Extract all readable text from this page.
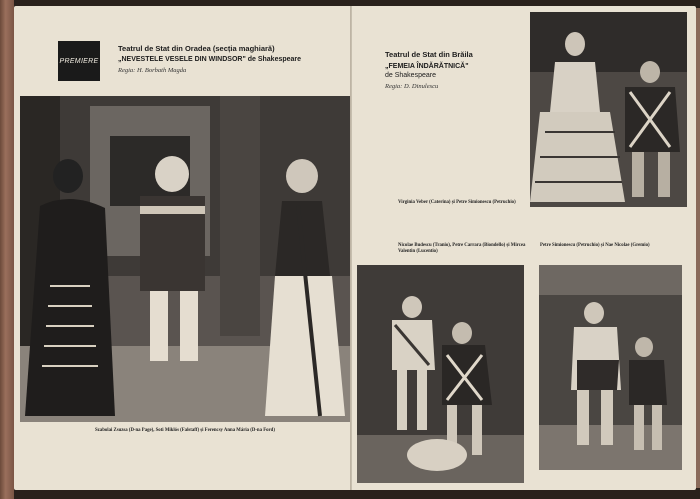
PREMIERE
Teatrul de Stat din Oradea (secția maghiară)
„NEVESTELE VESELE DIN WINDSOR" de Shakespeare
Regia: H. Borbath Magda
Szabolai Zsuzsa (D-na Page), Soti Miklós (Falstaff) și Ferencsy Anna Mária (D-na Ford)
Teatrul de Stat din Brăila
„FEMEIA ÎNDĂRĂTNICĂ"
de Shakespeare
Regia: D. Dinulescu
Virginia Veber (Caterina) și Petre Simionescu (Petruchio)
Nicolae Budescu (Tranio), Petre Carrara (Biondello) și Mircea Valentin (Lucentio)
Petre Simionescu (Petruchio) și Nae Nicolae (Gremio)
